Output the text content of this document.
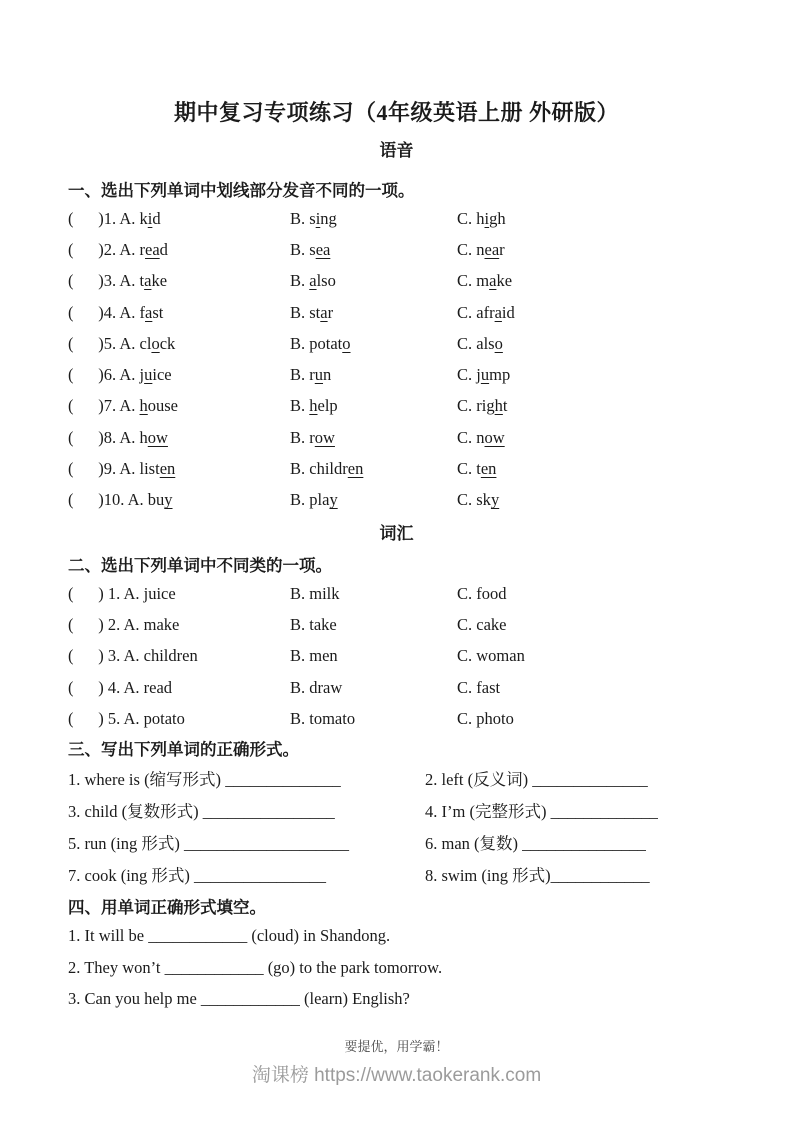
期中复习专项练习（4年级英语上册 外研版）
语音
一、选出下列单词中划线部分发音不同的一项。
(      )1. A. kid	B. sing	C. high
(      )2. A. read	B. sea	C. near
(      )3. A. take	B. also	C. make
(      )4. A. fast	B. star	C. afraid
(      )5. A. clock	B. potato	C. also
(      )6. A. juice	B. run	C. jump
(      )7. A. house	B. help	C. right
(      )8. A. how	B. row	C. now
(      )9. A. listen	B. children	C. ten
(      )10. A. buy	B. play	C. sky
词汇
二、选出下列单词中不同类的一项。
(      ) 1. A. juice	B. milk	C. food
(      ) 2. A. make	B. take	C. cake
(      ) 3. A. children	B. men	C. woman
(      ) 4. A. read	B. draw	C. fast
(      ) 5. A. potato	B. tomato	C. photo
三、写出下列单词的正确形式。
1. where is (缩写形式) ______________	2. left (反义词) ______________
3. child (复数形式) ________________	4. I’m (完整形式) _____________
5. run (ing 形式) ____________________	6. man (复数) _______________
7. cook (ing 形式) ________________	8. swim (ing 形式)____________
四、用单词正确形式填空。
1. It will be ____________ (cloud) in Shandong.
2. They won’t ____________ (go) to the park tomorrow.
3. Can you help me ____________ (learn) English?
要提优，用学霸！
淘课榜 https://www.taokerank.com
